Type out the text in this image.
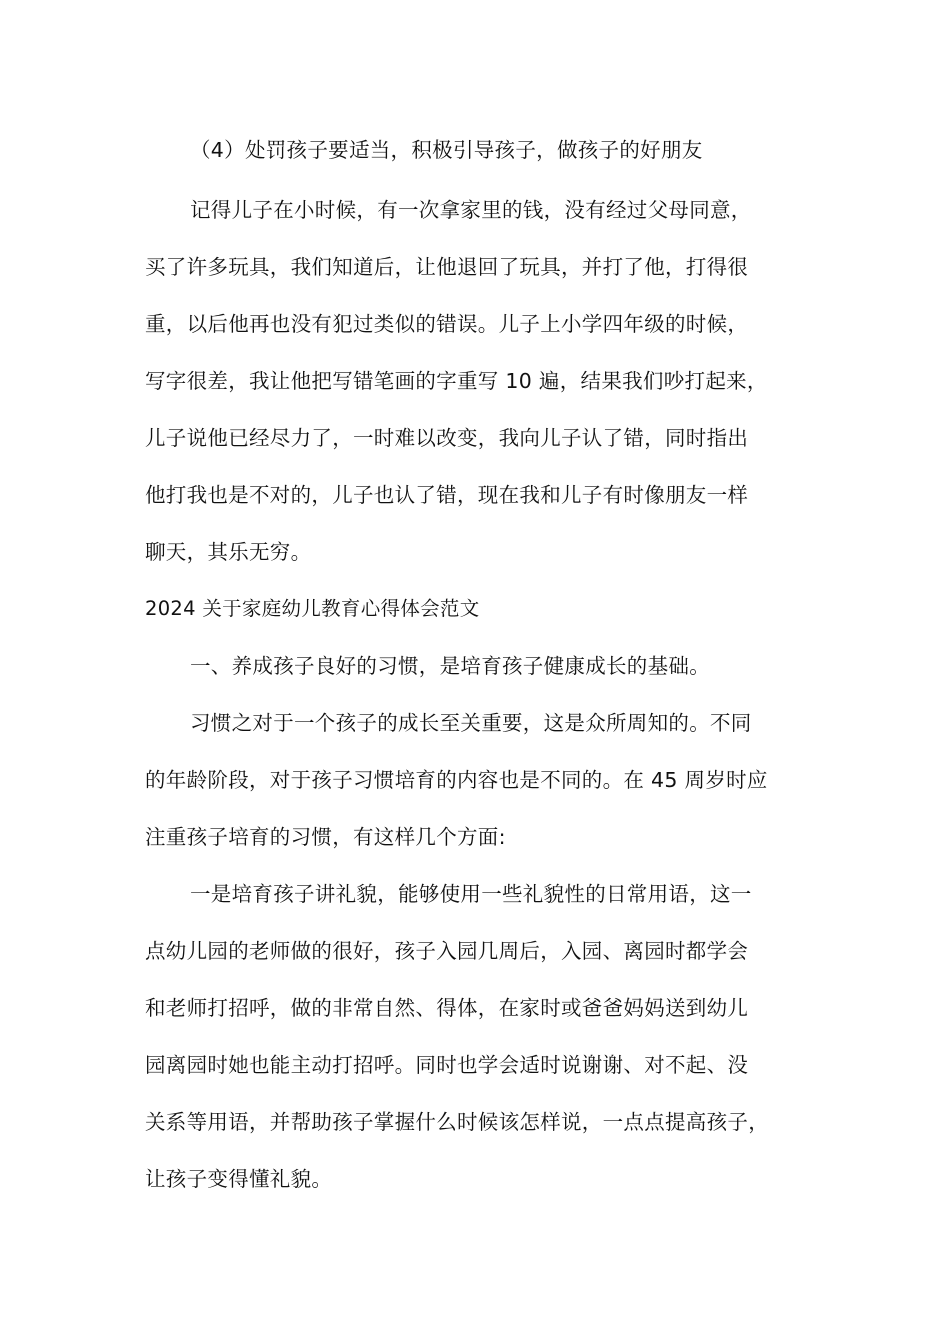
（4）处罚孩子要适当，积极引导孩子，做孩子的好朋友
记得儿子在小时候，有一次拿家里的钱，没有经过父母同意，
买了许多玩具，我们知道后，让他退回了玩具，并打了他，打得很
重，以后他再也没有犯过类似的错误。儿子上小学四年级的时候，
写字很差，我让他把写错笔画的字重写 10 遍，结果我们吵打起来，
儿子说他已经尽力了，一时难以改变，我向儿子认了错，同时指出
他打我也是不对的，儿子也认了错，现在我和儿子有时像朋友一样
聊天，其乐无穷。
2024 关于家庭幼儿教育心得体会范文
一、养成孩子良好的习惯，是培育孩子健康成长的基础。
习惯之对于一个孩子的成长至关重要，这是众所周知的。不同
的年龄阶段，对于孩子习惯培育的内容也是不同的。在 45 周岁时应
注重孩子培育的习惯，有这样几个方面:
一是培育孩子讲礼貌，能够使用一些礼貌性的日常用语，这一
点幼儿园的老师做的很好，孩子入园几周后，入园、离园时都学会
和老师打招呼，做的非常自然、得体，在家时或爸爸妈妈送到幼儿
园离园时她也能主动打招呼。同时也学会适时说谢谢、对不起、没
关系等用语，并帮助孩子掌握什么时候该怎样说，一点点提高孩子，
让孩子变得懂礼貌。
